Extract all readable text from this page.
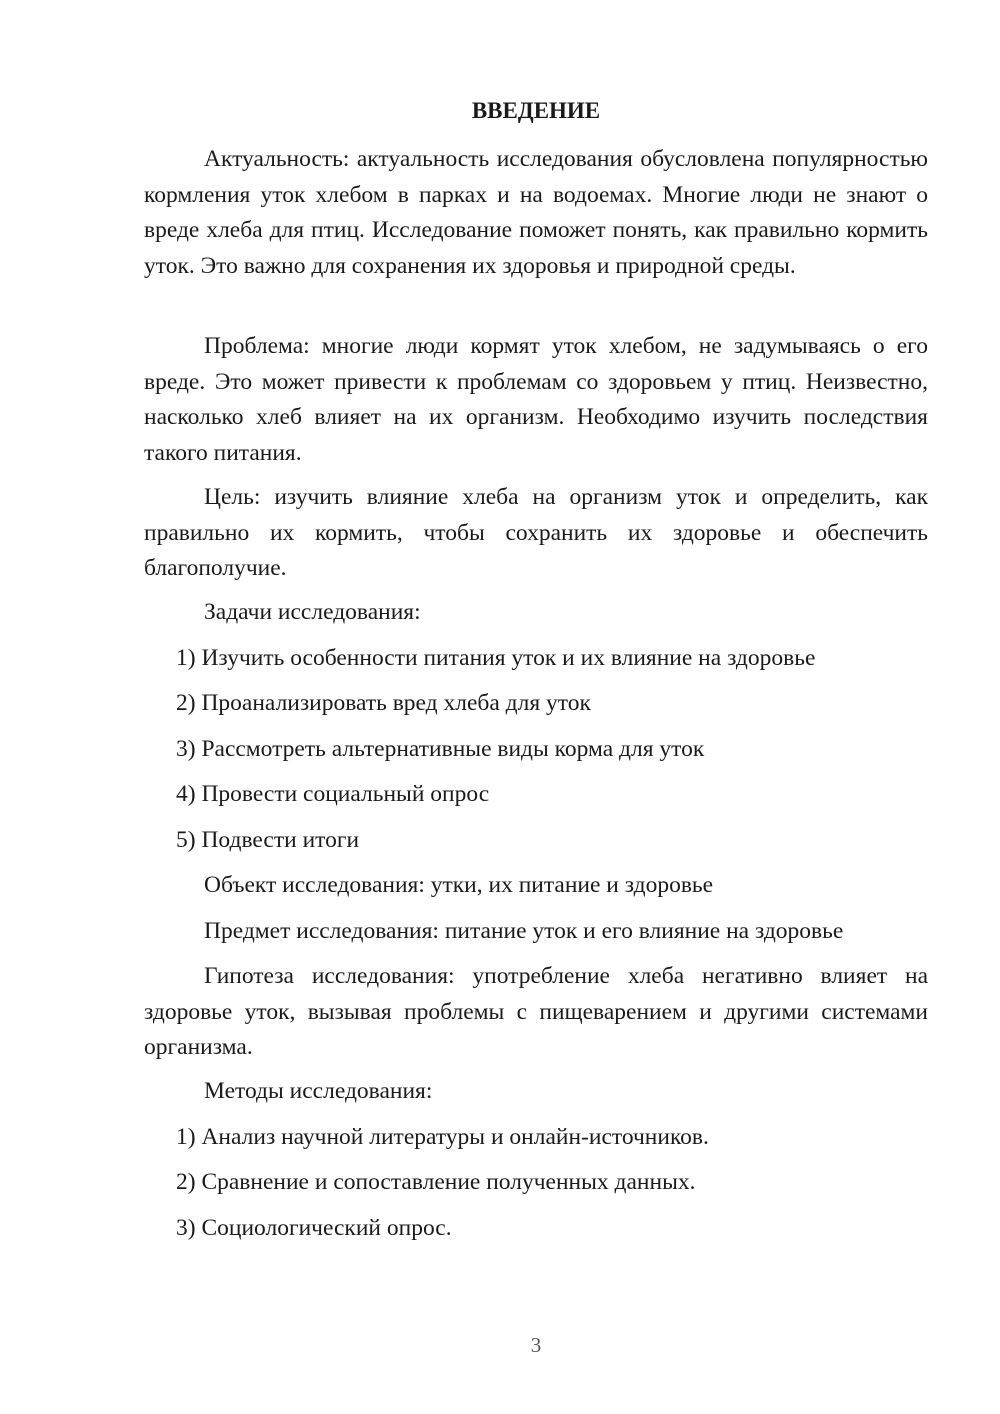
ВВЕДЕНИЕ

Актуальность: актуальность исследования обусловлена популярностью кормления уток хлебом в парках и на водоемах. Многие люди не знают о вреде хлеба для птиц. Исследование поможет понять, как правильно кормить уток. Это важно для сохранения их здоровья и природной среды.

Проблема: многие люди кормят уток хлебом, не задумываясь о его вреде. Это может привести к проблемам со здоровьем у птиц. Неизвестно, насколько хлеб влияет на их организм. Необходимо изучить последствия такого питания.

Цель: изучить влияние хлеба на организм уток и определить, как правильно их кормить, чтобы сохранить их здоровье и обеспечить благополучие.

Задачи исследования:

1) Изучить особенности питания уток и их влияние на здоровье

2) Проанализировать вред хлеба для уток

3) Рассмотреть альтернативные виды корма для уток

4) Провести социальный опрос

5) Подвести итоги

Объект исследования: утки, их питание и здоровье

Предмет исследования: питание уток и его влияние на здоровье

Гипотеза исследования: употребление хлеба негативно влияет на здоровье уток, вызывая проблемы с пищеварением и другими системами организма.

Методы исследования:

1) Анализ научной литературы и онлайн-источников.

2) Сравнение и сопоставление полученных данных.

3) Социологический опрос.

3
